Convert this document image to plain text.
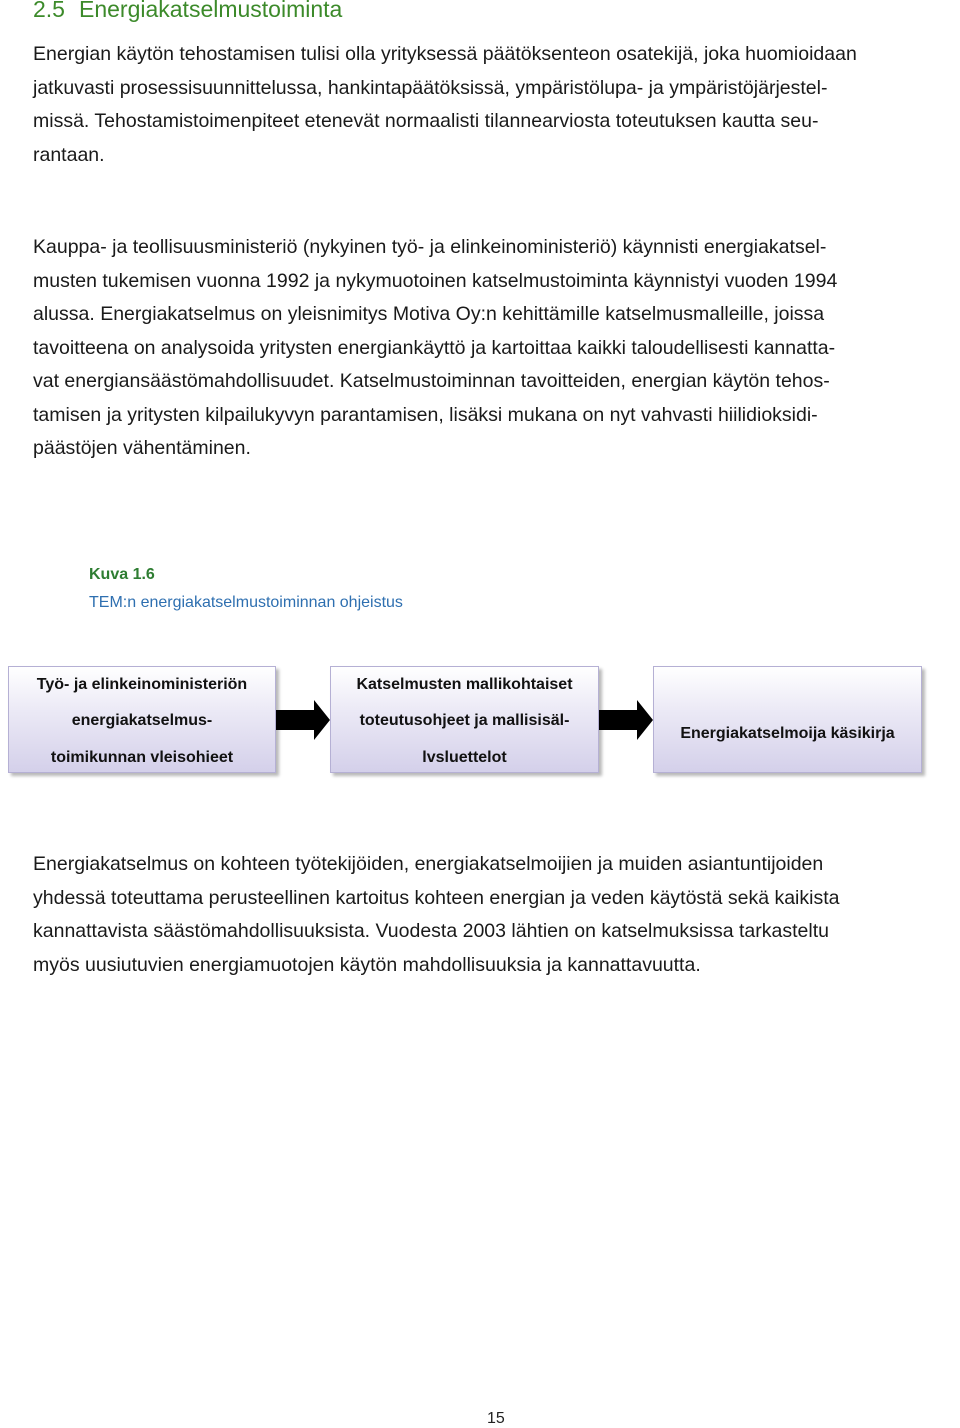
2.5 Energiakatselmustoiminta

Energian käytön tehostamisen tulisi olla yrityksessä päätöksenteon osatekijä, joka huomioidaan
jatkuvasti prosessisuunnittelussa, hankintapäätöksissä, ympäristölupa- ja ympäristöjärjestel-
missä. Tehostamistoimenpiteet etenevät normaalisti tilannearviosta toteutuksen kautta seu-
rantaan.

Kauppa- ja teollisuusministeriö (nykyinen työ- ja elinkeinoministeriö) käynnisti energiakatsel-
musten tukemisen vuonna 1992 ja nykymuotoinen katselmustoiminta käynnistyi vuoden 1994
alussa. Energiakatselmus on yleisnimitys Motiva Oy:n kehittämille katselmusmalleille, joissa
tavoitteena on analysoida yritysten energiankäyttö ja kartoittaa kaikki taloudellisesti kannatta-
vat energiansäästömahdollisuudet. Katselmustoiminnan tavoitteiden, energian käytön tehos-
tamisen ja yritysten kilpailukyvyn parantamisen, lisäksi mukana on nyt vahvasti hiilidioksidi-
päästöjen vähentäminen.

Kuva 1.6
TEM:n energiakatselmustoiminnan ohjeistus
Työ- ja elinkeinoministeriön
energiakatselmus-
toimikunnan vleisohieet
Katselmusten mallikohtaiset
toteutusohjeet ja mallisisäl-
lvsluettelot
Energiakatselmoija käsikirja

Energiakatselmus on kohteen työtekijöiden, energiakatselmoijien ja muiden asiantuntijoiden
yhdessä toteuttama perusteellinen kartoitus kohteen energian ja veden käytöstä sekä kaikista
kannattavista säästömahdollisuuksista. Vuodesta 2003 lähtien on katselmuksissa tarkasteltu
myös uusiutuvien energiamuotojen käytön mahdollisuuksia ja kannattavuutta.

15
